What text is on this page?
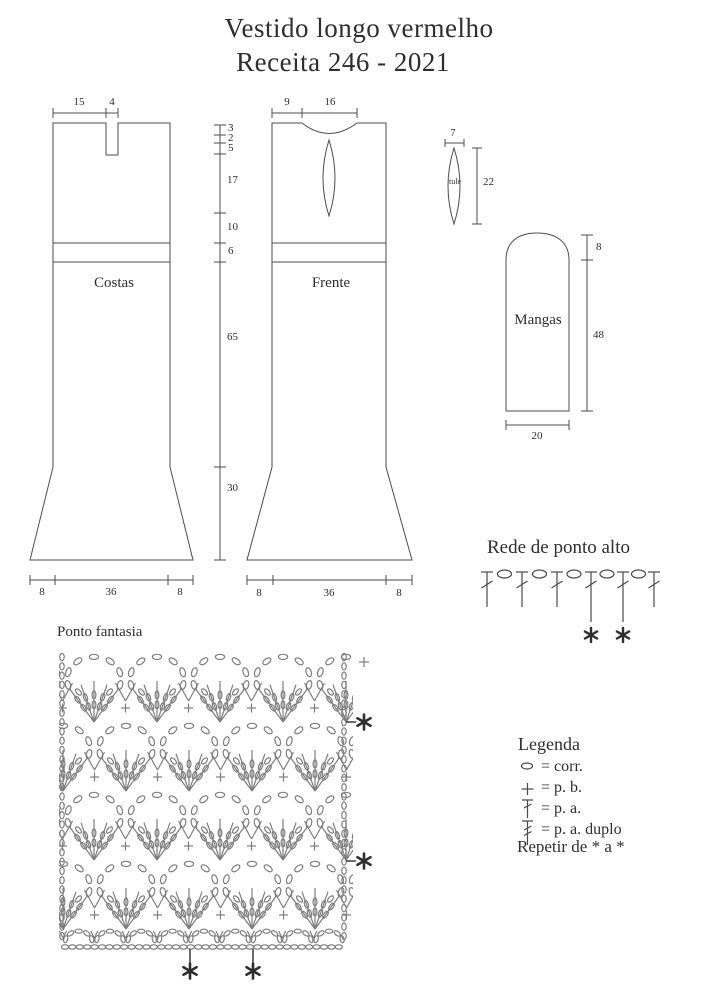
Vestido longo vermelho
Receita 246 - 2021
15 4
Costas
8	36	8
9	16
Frente
8	36	8
3
2
5
17
10
6
65
30
7
tule 22
8
48
20
Mangas
Rede de ponto alto
Ponto fantasia
Legenda
= corr.
= p. b.
= p. a.
= p. a. duplo
Repetir de * a *
